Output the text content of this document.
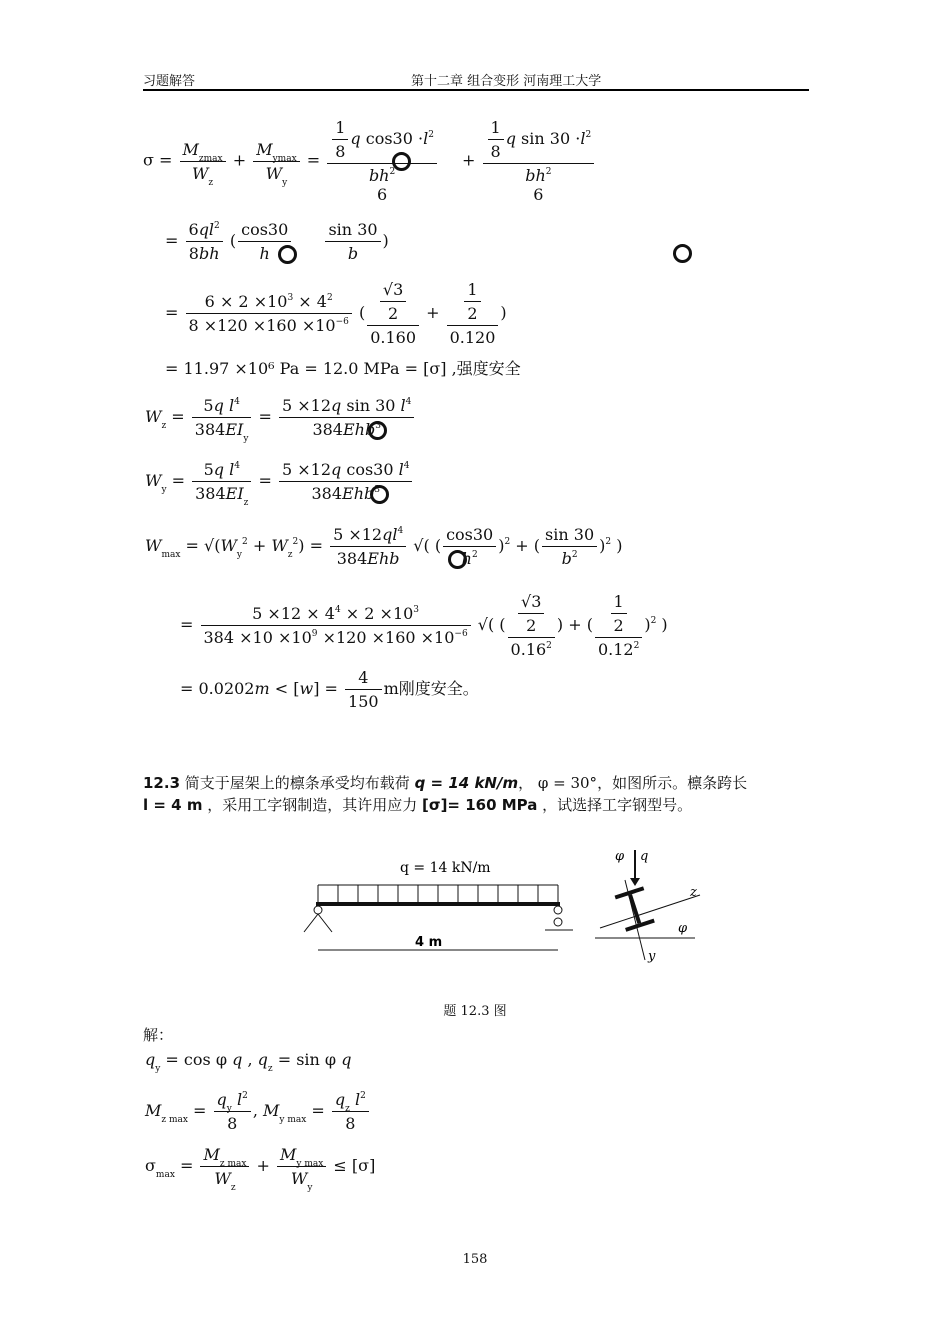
习题解答	第十二章 组合变形 河南理工大学
$\sigma = \frac{M_{zmax}}{W_z} + \frac{M_{ymax}}{W_y} = \frac{1}{8}$ q $\cos 30 \cdot l^2$
$bh^2$
6
+ $\frac{1}{8}$ q $\sin 30 \cdot l^2$
$bh^2$
6
= $\frac{6ql^2}{8bh}$ ( $\frac{\cos 30}{h}$
$\frac{\sin 30}{b}$ )
= $\frac{6 \times 2 \times 10^3 \times 4^2}{8 \times 120 \times 160 \times 10^{-6}}$ ( $\frac{\frac{√3}{2}}{0.160} + \frac{\frac{1}{2}}{0.120}$ )
= 11.97 ×10⁶ Pa = 12.0 MPa = [σ] ,强度安全
$W_z = \frac{5q l^4}{384EI_y} = \frac{5 \times 12q \sin 30 l^4}{384Ehb^3}$
$W_y = \frac{5q l^4}{384EI_z} = \frac{5 \times 12q \cos 30 l^4}{384Ehb^3}$
$W_{max} = √(W_y^2 + W_z^2) = \frac{5 \times 12ql^4}{\text{384Ehb}}$ √( ( $\frac{\cos 30}{h^2} )^2$ + ( $\frac{\sin 30}{b^2} )^2$ )
= $\frac{5 \times 12 \times 4^4 \times 2 \times 10^3}{384 \times 10 \times 10^9 \times 120 \times 160 \times 10^{-6}}$ √( ( $\frac{\frac{√3}{2}}{0.16^2}$ ) + ( $\frac{\frac{1}{2}}{0.12^2} )^2$ )
= $0.0202m < [w] = \frac{4}{150}$ m刚度安全。
12.3 简支于屋架上的檩条承受均布载荷 q = 14 kN/m， φ = 30°，如图所示。檩条跨长
l = 4 m ，采用工字钢制造，其许用应力 [σ]= 160 MPa ，试选择工字钢型号。
q = 14 kN/m
4 m
φ q
z
y
φ
题 12.3 图
解：
$q_y = \cos \varphi$ q , $q_z = \sin \varphi$ q
$M_{z max} = \frac{q_y l^2}{8}$ , $M_{y max} = \frac{q_z l^2}{8}$
$\sigma_{max} = \frac{M_{z max}}{W_z} + \frac{M_{y max}}{W_y} \le [\sigma]$
158
